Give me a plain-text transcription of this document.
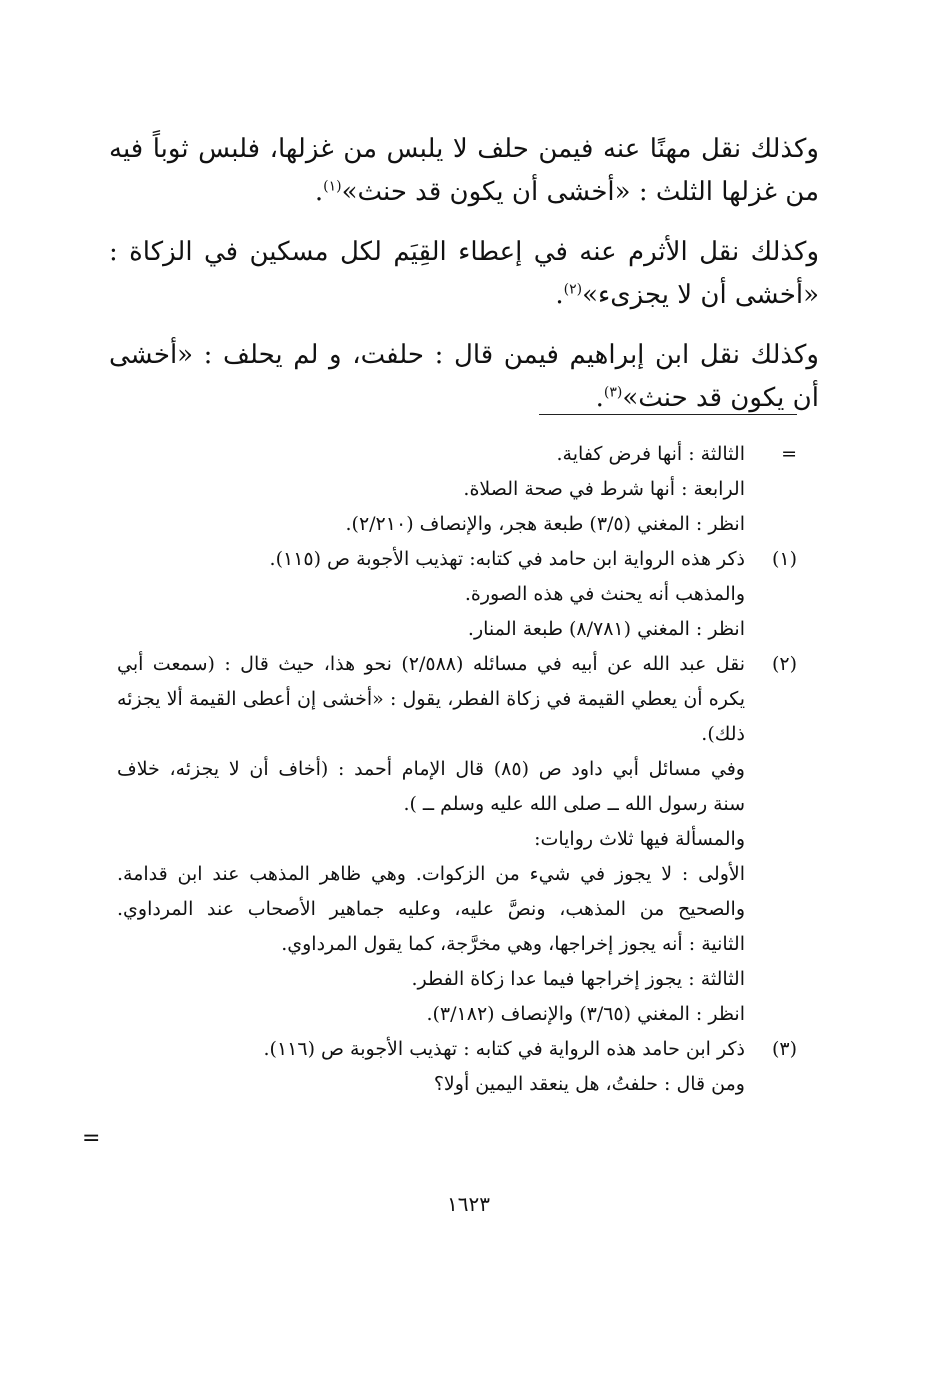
وكذلك نقل مهنًا عنه فيمن حلف لا يلبس من غزلها، فلبس ثوباً فيه من غزلها الثلث : «أخشى أن يكون قد حنث»$^{(١)}$.

وكذلك نقل الأثرم عنه في إعطاء القِيَم لكل مسكين في الزكاة : «أخشى أن لا يجزىء»$^{(٢)}$.

وكذلك نقل ابن إبراهيم فيمن قال : حلفت، و لم يحلف : «أخشى أن يكون قد حنث»$^{(٣)}$.

=
الثالثة : أنها فرض كفاية.
الرابعة : أنها شرط في صحة الصلاة.
انظر : المغني (٣/٥) طبعة هجر، والإنصاف (٢/٢١٠).
(١)
ذكر هذه الرواية ابن حامد في كتابه: تهذيب الأجوبة ص (١١٥).
والمذهب أنه يحنث في هذه الصورة.
انظر : المغني (٨/٧٨١) طبعة المنار.
(٢)
نقل عبد الله عن أبيه في مسائله (٢/٥٨٨) نحو هذا، حيث قال : (سمعت أبي
يكره أن يعطي القيمة في زكاة الفطر، يقول : «أخشى إن أعطى القيمة ألا يجزئه
ذلك).
وفي مسائل أبي داود ص (٨٥) قال الإمام أحمد : (أخاف أن لا يجزئه، خلاف
سنة رسول الله ــ صلى الله عليه وسلم ــ ).
والمسألة فيها ثلاث روايات:
الأولى : لا يجوز في شيء من الزكوات. وهي ظاهر المذهب عند ابن قدامة.
والصحيح من المذهب، ونصَّ عليه، وعليه جماهير الأصحاب عند المرداوي.
الثانية : أنه يجوز إخراجها، وهي مخرَّجة، كما يقول المرداوي.
الثالثة : يجوز إخراجها فيما عدا زكاة الفطر.
انظر : المغني (٣/٦٥) والإنصاف (٣/١٨٢).
(٣)
ذكر ابن حامد هذه الرواية في كتابه : تهذيب الأجوبة ص (١١٦).
ومن قال : حلفتُ، هل ينعقد اليمين أولا؟
=
١٦٢٣
